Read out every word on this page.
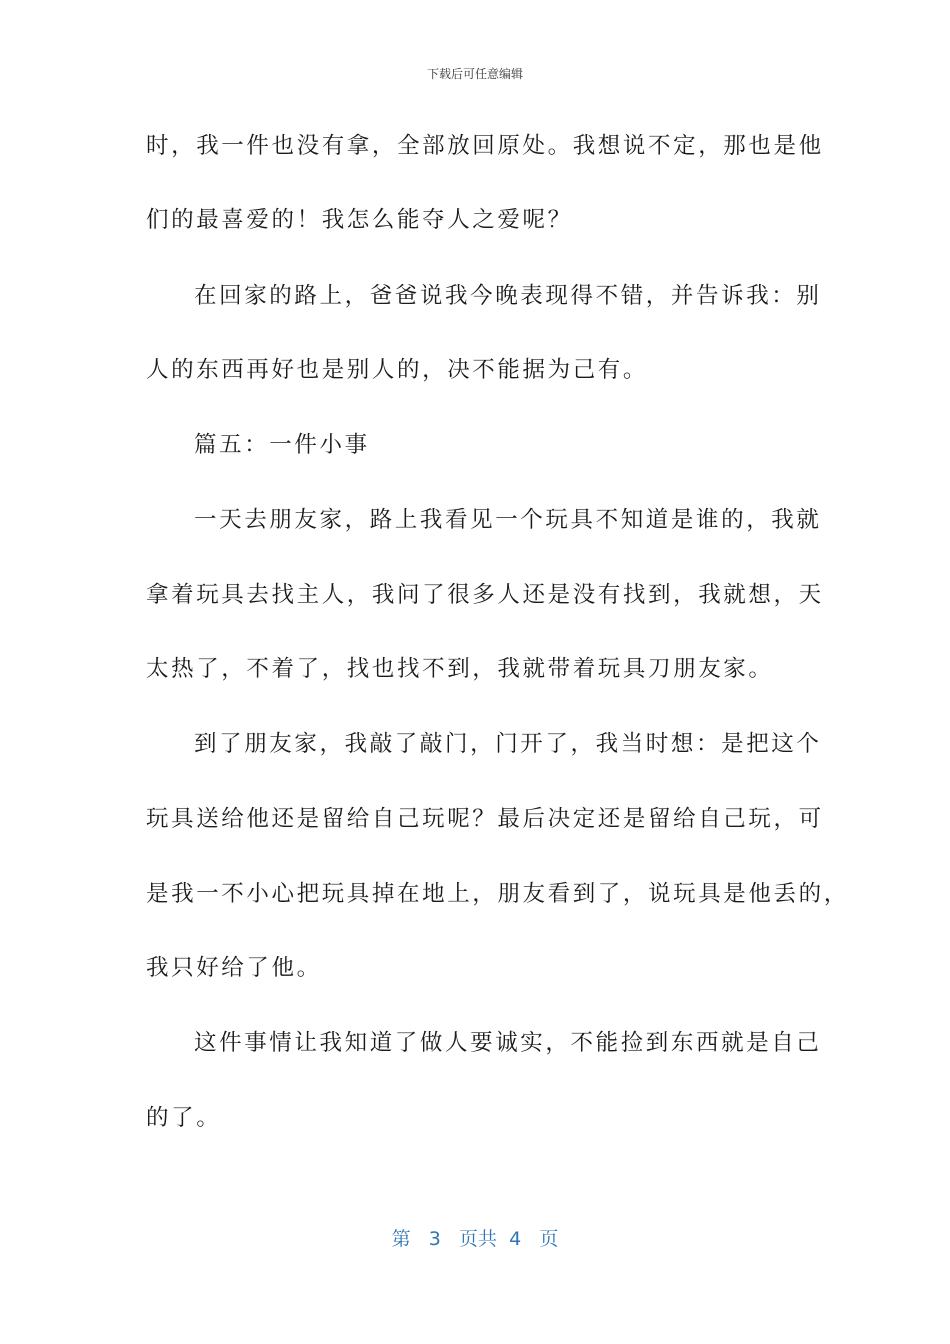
下载后可任意编辑
时，我一件也没有拿，全部放回原处。我想说不定，那也是他
们的最喜爱的！我怎么能夺人之爱呢？
在回家的路上，爸爸说我今晚表现得不错，并告诉我：别
人的东西再好也是别人的，决不能据为己有。
篇五：一件小事
一天去朋友家，路上我看见一个玩具不知道是谁的，我就
拿着玩具去找主人，我问了很多人还是没有找到，我就想，天
太热了，不着了，找也找不到，我就带着玩具刀朋友家。
到了朋友家，我敲了敲门，门开了，我当时想：是把这个
玩具送给他还是留给自己玩呢？最后决定还是留给自己玩，可
是我一不小心把玩具掉在地上，朋友看到了，说玩具是他丢的，
我只好给了他。
这件事情让我知道了做人要诚实，不能捡到东西就是自己
的了。
第 3 页共 4 页
